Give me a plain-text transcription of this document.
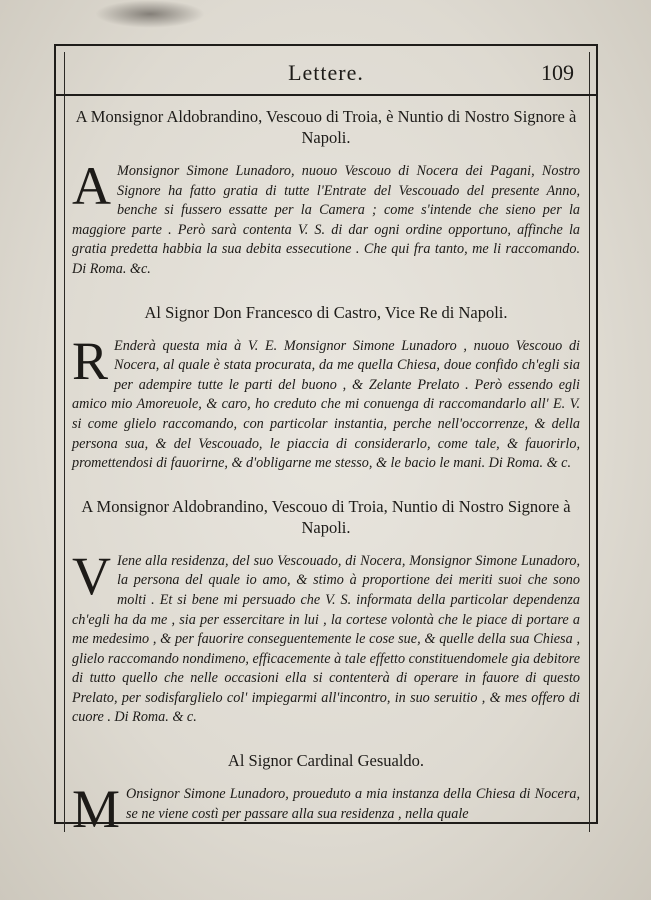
Lettere.	109

A Monsignor Aldobrandino, Vescouo di Troia, è Nuntio di Nostro Signore à Napoli.

A Monsignor Simone Lunadoro, nuouo Vescouo di Nocera dei Pagani, Nostro Signore ha fatto gratia di tutte l'Entrate del Vescouado del presente Anno, benche si fussero essatte per la Camera ; come s'intende che sieno per la maggiore parte . Però sarà contenta V. S. di dar ogni ordine opportuno, affinche la gratia predetta habbia la sua debita essecutione . Che qui fra tanto, me li raccomando. Di Roma. &c.

Al Signor Don Francesco di Castro, Vice Re di Napoli.

R Enderà questa mia à V. E. Monsignor Simone Lunadoro , nuouo Vescouo di Nocera, al quale è stata procurata, da me quella Chiesa, doue confido ch'egli sia per adempire tutte le parti del buono , & Zelante Prelato . Però essendo egli amico mio Amoreuole, & caro, ho creduto che mi conuenga di raccomandarlo all' E. V. si come glielo raccomando, con particolar instantia, perche nell'occorrenze, & della persona sua, & del Vescouado, le piaccia di considerarlo, come tale, & fauorirlo, promettendosi di fauorirne, & d'obligarne me stesso, & le bacio le mani. Di Roma. & c.

A Monsignor Aldobrandino, Vescouo di Troia, Nuntio di Nostro Signore à Napoli.

V Iene alla residenza, del suo Vescouado, di Nocera, Monsignor Simone Lunadoro, la persona del quale io amo, & stimo à proportione dei meriti suoi che sono molti . Et si bene mi persuado che V. S. informata della particolar dependenza ch'egli ha da me , sia per essercitare in lui , la cortese volontà che le piace di portare a me medesimo , & per fauorire conseguentemente le cose sue, & quelle della sua Chiesa , glielo raccomando nondimeno, efficacemente à tale effetto constituendomele gia debitore di tutto quello che nelle occasioni ella si contenterà di operare in fauore di questo Prelato, per sodisfarglielo col' impiegarmi all'incontro, in suo seruitio , & mes offero di cuore . Di Roma. & c.

Al Signor Cardinal Gesualdo.

M Onsignor Simone Lunadoro, proueduto a mia instanza della Chiesa di Nocera, se ne viene costì per passare alla sua residenza , nella quale
